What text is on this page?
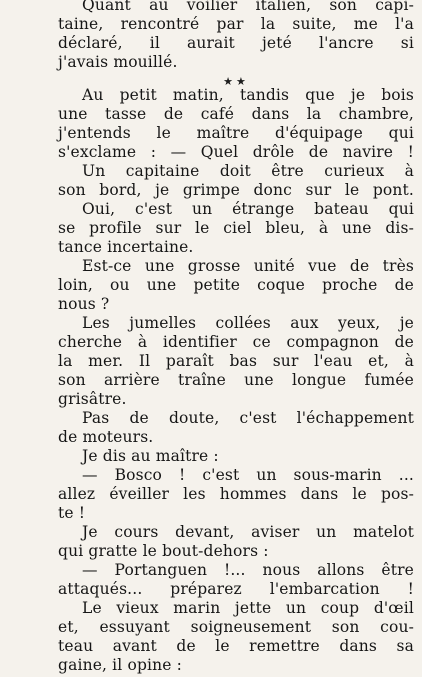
Quant au voilier italien, son capi-
taine, rencontré par la suite, me l'a
déclaré, il aurait jeté l'ancre si
j'avais mouillé.
★★
Au petit matin, tandis que je bois
une tasse de café dans la chambre,
j'entends le maître d'équipage qui
s'exclame : — Quel drôle de navire !
Un capitaine doit être curieux à
son bord, je grimpe donc sur le pont.
Oui, c'est un étrange bateau qui
se profile sur le ciel bleu, à une dis-
tance incertaine.
Est-ce une grosse unité vue de très
loin, ou une petite coque proche de
nous ?
Les jumelles collées aux yeux, je
cherche à identifier ce compagnon de
la mer. Il paraît bas sur l'eau et, à
son arrière traîne une longue fumée
grisâtre.
Pas de doute, c'est l'échappement
de moteurs.
Je dis au maître :
— Bosco ! c'est un sous-marin ...
allez éveiller les hommes dans le pos-
te !
Je cours devant, aviser un matelot
qui gratte le bout-dehors :
— Portanguen !... nous allons être
attaqués... préparez l'embarcation !
Le vieux marin jette un coup d'œil
et, essuyant soigneusement son cou-
teau avant de le remettre dans sa
gaine, il opine :
